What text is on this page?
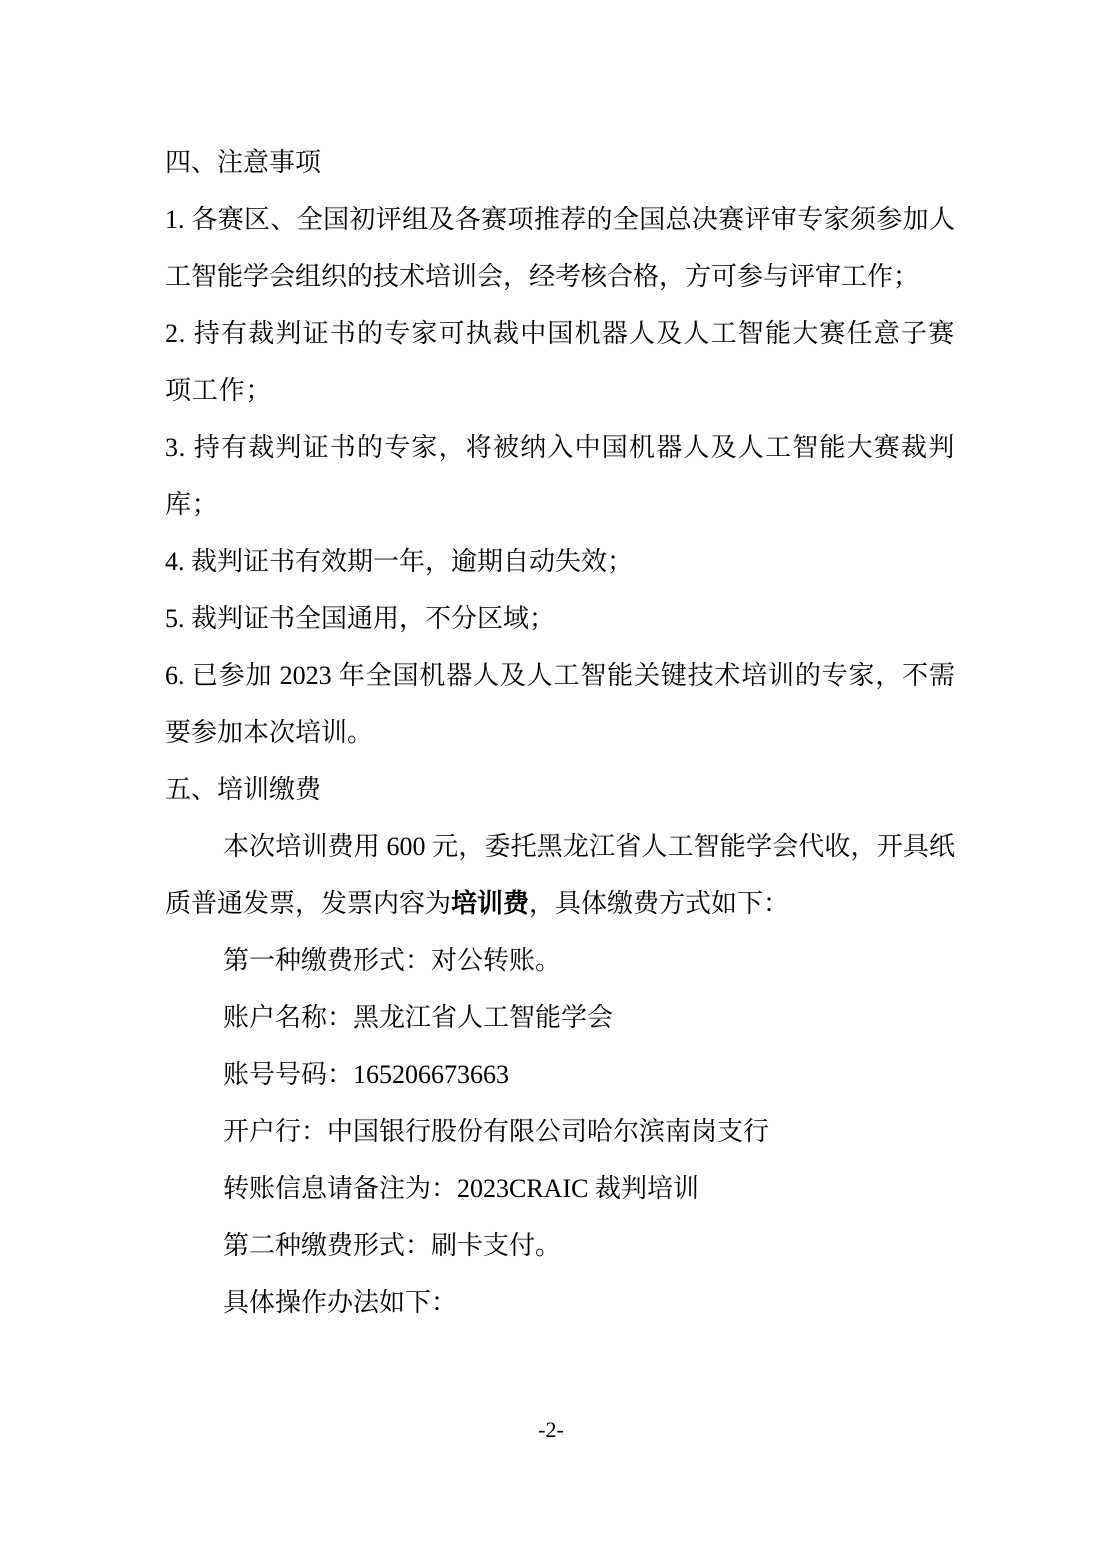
四、注意事项

1. 各赛区、全国初评组及各赛项推荐的全国总决赛评审专家须参加人工智能学会组织的技术培训会，经考核合格，方可参与评审工作；

2. 持有裁判证书的专家可执裁中国机器人及人工智能大赛任意子赛项工作；

3. 持有裁判证书的专家，将被纳入中国机器人及人工智能大赛裁判库；

4. 裁判证书有效期一年，逾期自动失效；

5. 裁判证书全国通用，不分区域；

6. 已参加 2023 年全国机器人及人工智能关键技术培训的专家，不需要参加本次培训。

五、培训缴费

本次培训费用 600 元，委托黑龙江省人工智能学会代收，开具纸质普通发票，发票内容为培训费，具体缴费方式如下：

第一种缴费形式：对公转账。

账户名称：黑龙江省人工智能学会

账号号码：165206673663

开户行：中国银行股份有限公司哈尔滨南岗支行

转账信息请备注为：2023CRAIC 裁判培训

第二种缴费形式：刷卡支付。

具体操作办法如下：

-2-
